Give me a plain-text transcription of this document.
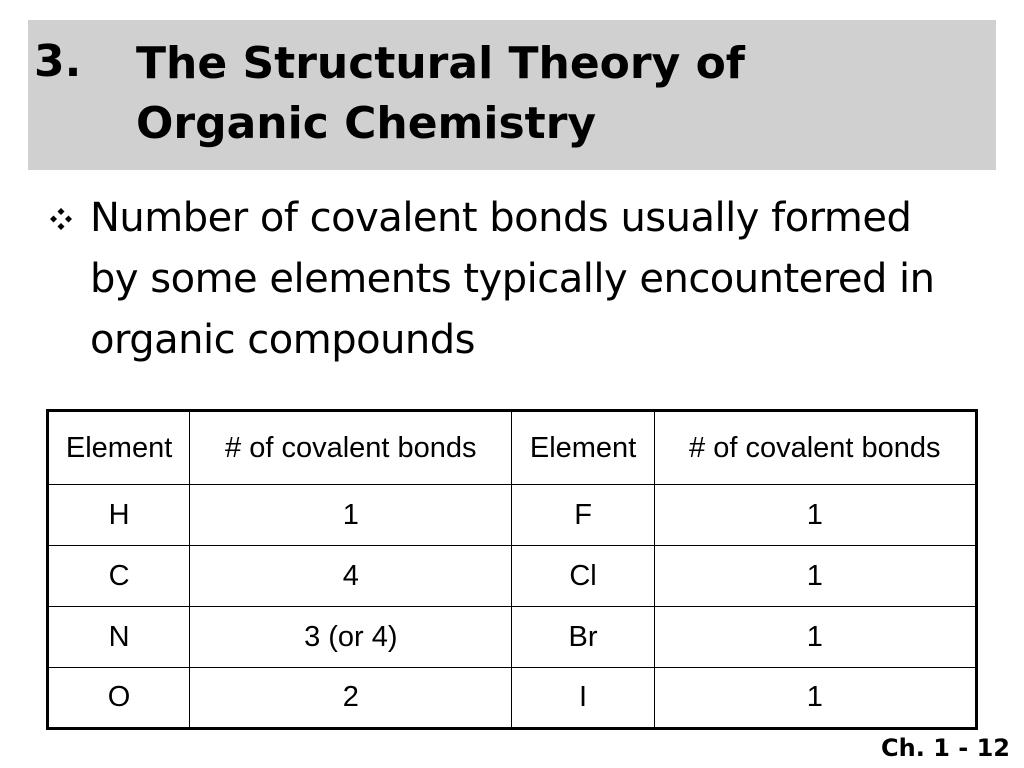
3. The Structural Theory of
Organic Chemistry
Number of covalent bonds usually formed by some elements typically encountered in organic compounds
Element	# of covalent bonds	Element	# of covalent bonds
H	1	F	1
C	4	Cl	1
N	3 (or 4)	Br	1
O	2	I	1
Ch. 1 - 12
